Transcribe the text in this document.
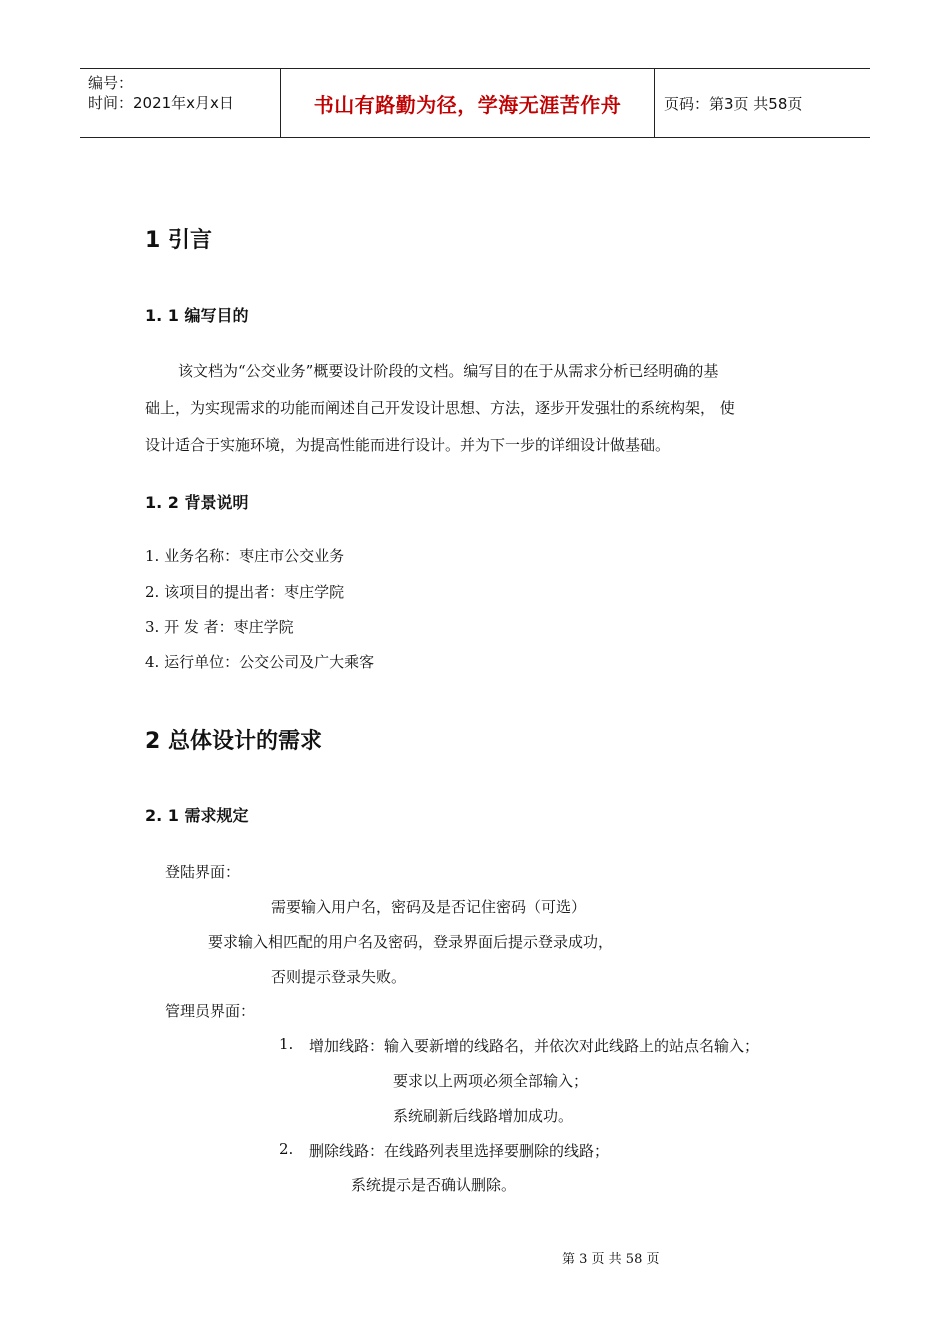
编号：
时间：2021年x月x日	书山有路勤为径，学海无涯苦作舟	页码：第3页 共58页
1 引言
1. 1 编写目的
该文档为“公交业务”概要设计阶段的文档。编写目的在于从需求分析已经明确的基
础上，为实现需求的功能而阐述自己开发设计思想、方法，逐步开发强壮的系统构架， 使
设计适合于实施环境，为提高性能而进行设计。并为下一步的详细设计做基础。
1. 2 背景说明
1. 业务名称：枣庄市公交业务
2. 该项目的提出者：枣庄学院
3. 开 发 者：枣庄学院
4. 运行单位：公交公司及广大乘客
2 总体设计的需求
2. 1 需求规定
登陆界面：
需要输入用户名，密码及是否记住密码（可选）
要求输入相匹配的用户名及密码，登录界面后提示登录成功，
否则提示登录失败。
管理员界面：
1. 增加线路：输入要新增的线路名，并依次对此线路上的站点名输入；
要求以上两项必须全部输入；
系统刷新后线路增加成功。
2. 删除线路：在线路列表里选择要删除的线路；
系统提示是否确认删除。
第 3 页 共 58 页
